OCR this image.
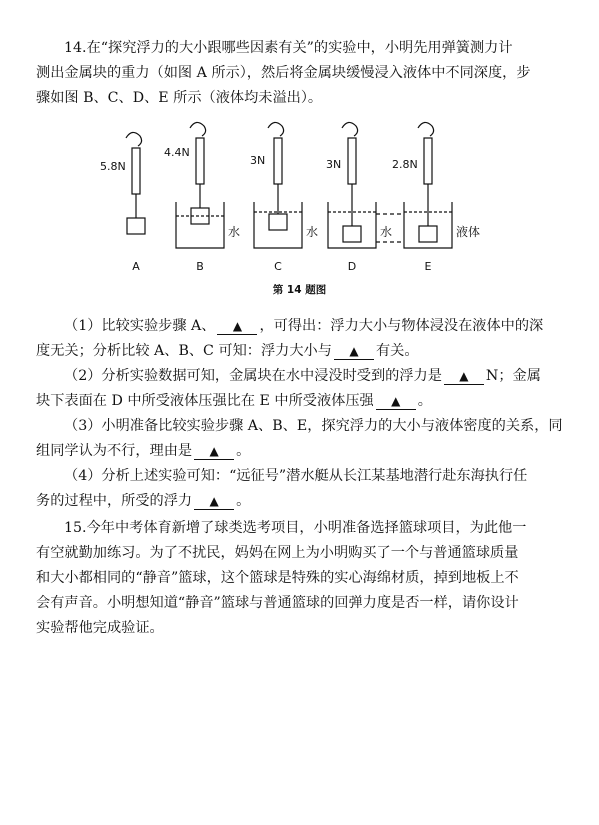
14.在“探究浮力的大小跟哪些因素有关”的实验中，小明先用弹簧测力计
测出金属块的重力（如图 A 所示），然后将金属块缓慢浸入液体中不同深度，步
骤如图 B、C、D、E 所示（液体均未溢出）。
5.8N
4.4N
3N	3N	2.8N
水	水	水	液体
A	B	C	D	E
第 14 题图
（1）比较实验步骤 A、 ▲ ，可得出：浮力大小与物体浸没在液体中的深
度无关；分析比较 A、B、C 可知：浮力大小与 ▲ 有关。
（2）分析实验数据可知，金属块在水中浸没时受到的浮力是 ▲ N；金属
块下表面在 D 中所受液体压强比在 E 中所受液体压强 ▲ 。
（3）小明准备比较实验步骤 A、B、E，探究浮力的大小与液体密度的关系，同
组同学认为不行，理由是 ▲ 。
（4）分析上述实验可知：“远征号”潜水艇从长江某基地潜行赴东海执行任
务的过程中，所受的浮力 ▲ 。
15.今年中考体育新增了球类选考项目，小明准备选择篮球项目，为此他一
有空就勤加练习。为了不扰民，妈妈在网上为小明购买了一个与普通篮球质量
和大小都相同的“静音”篮球，这个篮球是特殊的实心海绵材质，掉到地板上不
会有声音。小明想知道“静音”篮球与普通篮球的回弹力度是否一样，请你设计
实验帮他完成验证。
